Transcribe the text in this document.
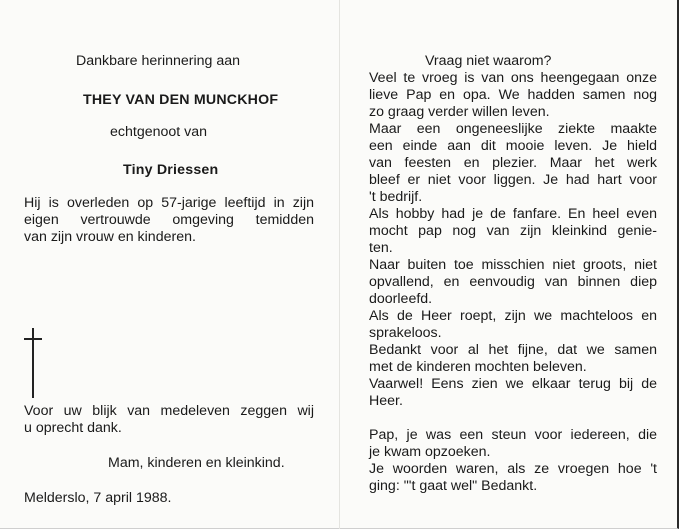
Dankbare herinnering aan
THEY VAN DEN MUNCKHOF
echtgenoot van
Tiny Driessen
Hij is overleden op 57-jarige leeftijd in zijn
eigen vertrouwde omgeving temidden
van zijn vrouw en kinderen.
Voor uw blijk van medeleven zeggen wij
u oprecht dank.
Mam, kinderen en kleinkind.
Melderslo, 7 april 1988.
Vraag niet waarom?
Veel te vroeg is van ons heengegaan onze
lieve Pap en opa. We hadden samen nog
zo graag verder willen leven.
Maar een ongeneeslijke ziekte maakte
een einde aan dit mooie leven. Je hield
van feesten en plezier. Maar het werk
bleef er niet voor liggen. Je had hart voor
't bedrijf.
Als hobby had je de fanfare. En heel even
mocht pap nog van zijn kleinkind genie-
ten.
Naar buiten toe misschien niet groots, niet
opvallend, en eenvoudig van binnen diep
doorleefd.
Als de Heer roept, zijn we machteloos en
sprakeloos.
Bedankt voor al het fijne, dat we samen
met de kinderen mochten beleven.
Vaarwel! Eens zien we elkaar terug bij de
Heer.
Pap, je was een steun voor iedereen, die
je kwam opzoeken.
Je woorden waren, als ze vroegen hoe 't
ging: "'t gaat wel" Bedankt.
